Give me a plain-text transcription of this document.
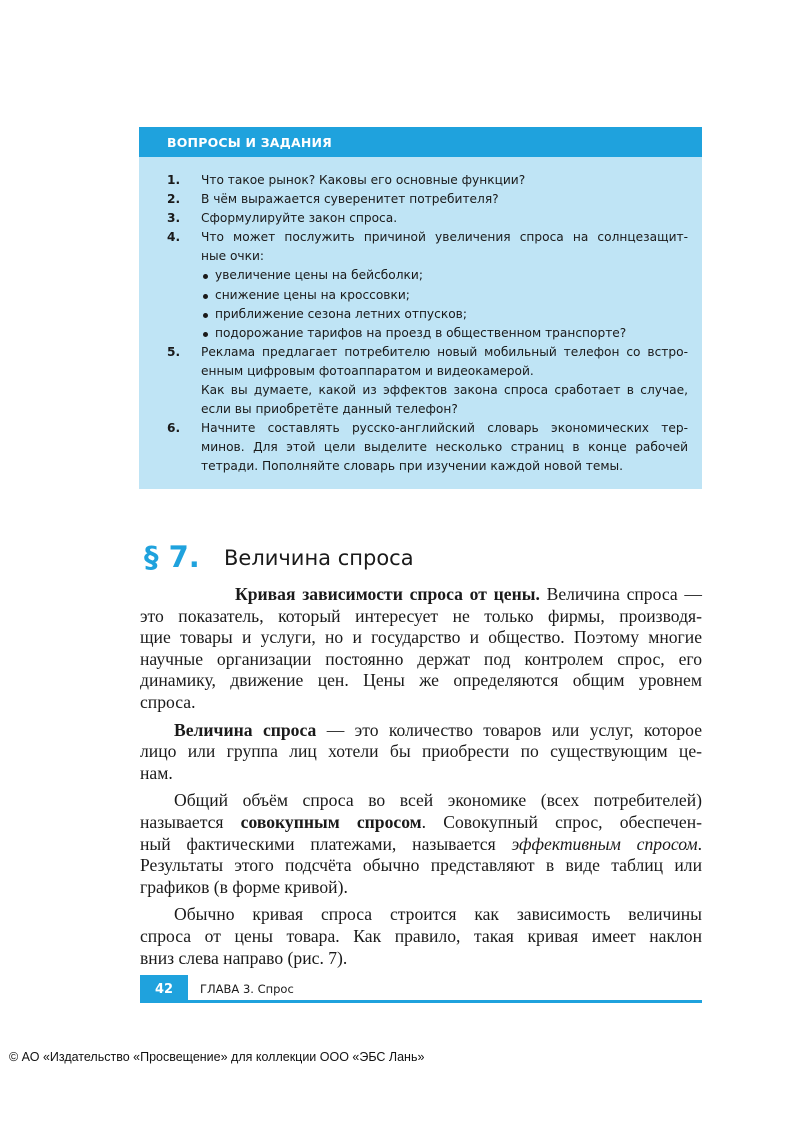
ВОПРОСЫ И ЗАДАНИЯ
1. Что такое рынок? Каковы его основные функции?
2. В чём выражается суверенитет потребителя?
3. Сформулируйте закон спроса.
4. Что может послужить причиной увеличения спроса на солнцезащит-
ные очки:
увеличение цены на бейсболки;
снижение цены на кроссовки;
приближение сезона летних отпусков;
подорожание тарифов на проезд в общественном транспорте?
5. Реклама предлагает потребителю новый мобильный телефон со встро-
енным цифровым фотоаппаратом и видеокамерой.
Как вы думаете, какой из эффектов закона спроса сработает в случае,
если вы приобретёте данный телефон?
6. Начните составлять русско-английский словарь экономических тер-
минов. Для этой цели выделите несколько страниц в конце рабочей
тетради. Пополняйте словарь при изучении каждой новой темы.
§ 7. Величина спроса
Кривая зависимости спроса от цены. Величина спроса —
это показатель, который интересует не только фирмы, производя-
щие товары и услуги, но и государство и общество. Поэтому многие
научные организации постоянно держат под контролем спрос, его
динамику, движение цен. Цены же определяются общим уровнем
спроса.
Величина спроса — это количество товаров или услуг, которое
лицо или группа лиц хотели бы приобрести по существующим це-
нам.
Общий объём спроса во всей экономике (всех потребителей)
называется совокупным спросом. Совокупный спрос, обеспечен-
ный фактическими платежами, называется эффективным спросом.
Результаты этого подсчёта обычно представляют в виде таблиц или
графиков (в форме кривой).
Обычно кривая спроса строится как зависимость величины
спроса от цены товара. Как правило, такая кривая имеет наклон
вниз слева направо (рис. 7).
42	ГЛАВА 3. Спрос
© АО «Издательство «Просвещение» для коллекции ООО «ЭБС Лань»
